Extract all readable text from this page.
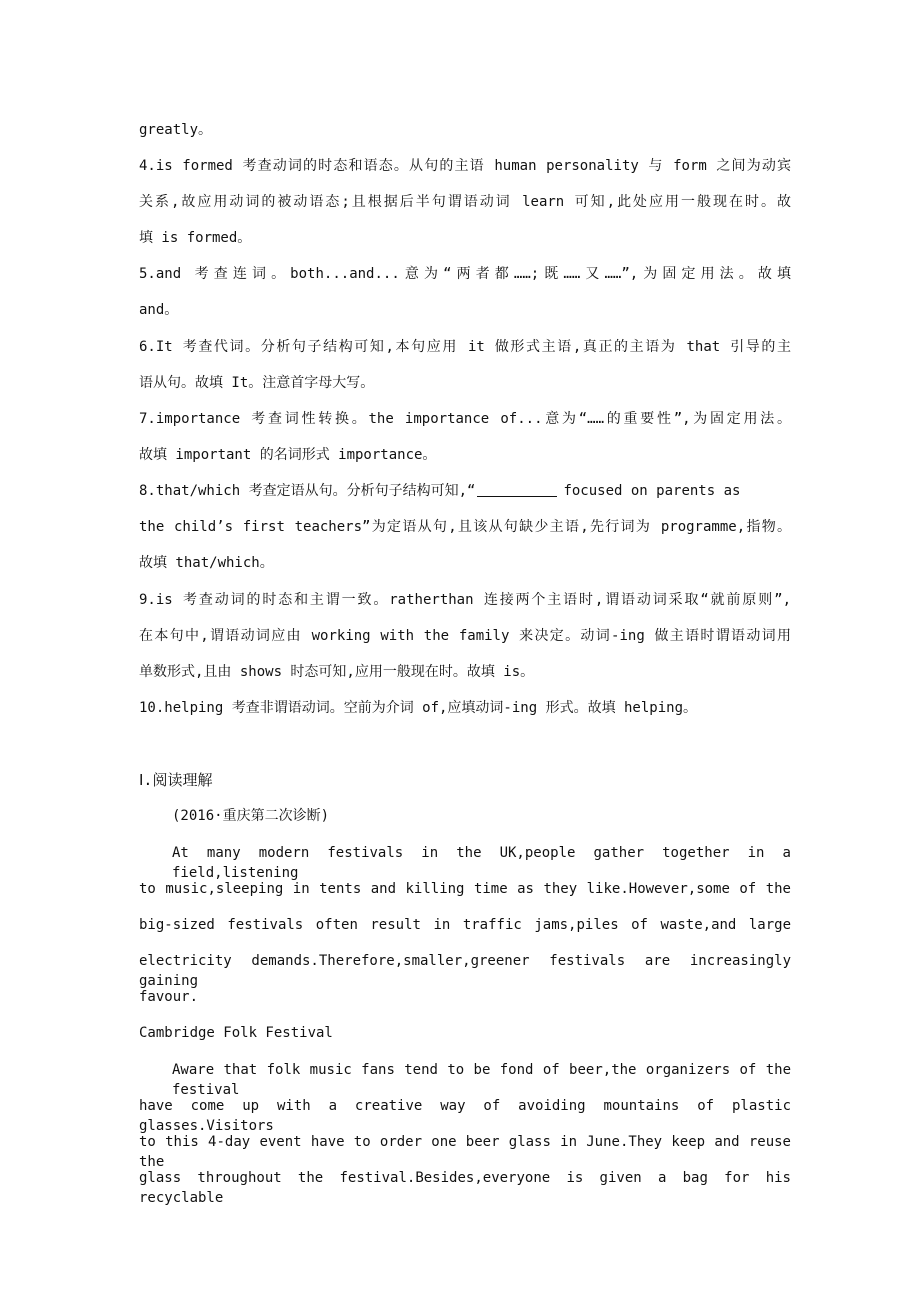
greatly。
4.is formed 考查动词的时态和语态。从句的主语 human personality 与 form 之间为动宾
关系,故应用动词的被动语态;且根据后半句谓语动词 learn 可知,此处应用一般现在时。故
填 is formed。
5.and 考查连词。both...and...意为“两者都……;既……又……”,为固定用法。故填
and。
6.It 考查代词。分析句子结构可知,本句应用 it 做形式主语,真正的主语为 that 引导的主
语从句。故填 It。注意首字母大写。
7.importance 考查词性转换。the importance of...意为“……的重要性”,为固定用法。
故填 important 的名词形式 importance。
8.that/which 考查定语从句。分析句子结构可知,“	focused on parents as
the child’s first teachers”为定语从句,且该从句缺少主语,先行词为 programme,指物。
故填 that/which。
9.is 考查动词的时态和主谓一致。ratherthan 连接两个主语时,谓语动词采取“就前原则”,
在本句中,谓语动词应由 working with the family 来决定。动词-ing 做主语时谓语动词用
单数形式,且由 shows 时态可知,应用一般现在时。故填 is。
10.helping 考查非谓语动词。空前为介词 of,应填动词-ing 形式。故填 helping。
Ⅰ.阅读理解
(2016·重庆第二次诊断)
At many modern festivals in the UK,people gather together in a field,listening
to music,sleeping in tents and killing time as they like.However,some of the
big-sized festivals often result in traffic jams,piles of waste,and large
electricity demands.Therefore,smaller,greener festivals are increasingly gaining
favour.
Cambridge Folk Festival
Aware that folk music fans tend to be fond of beer,the organizers of the festival
have come up with a creative way of avoiding mountains of plastic glasses.Visitors
to this 4-day event have to order one beer glass in June.They keep and reuse the
glass throughout the festival.Besides,everyone is given a bag for his recyclable
